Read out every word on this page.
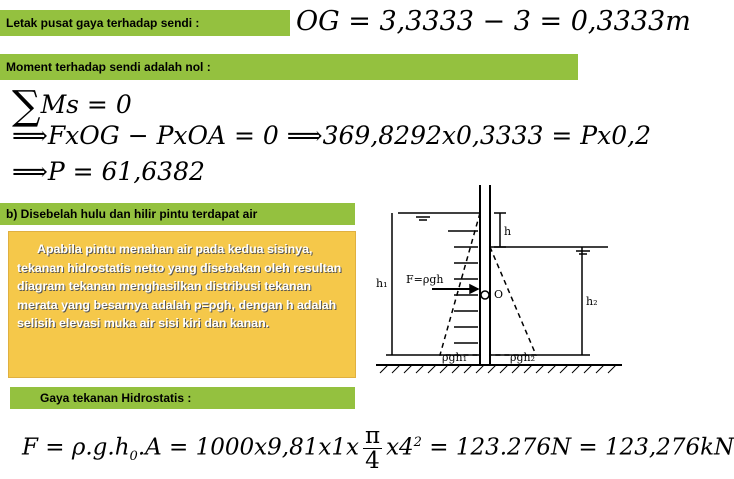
Letak pusat gaya terhadap sendi :	OG = 3,3333 − 3 = 0,3333m
Moment terhadap sendi adalah nol :
∑Ms = 0
⟹FxOG − PxOA = 0 ⟹369,8292x0,3333 = Px0,2
⟹P = 61,6382
b) Disebelah hulu dan hilir pintu terdapat air

Apabila pintu menahan air pada kedua sisinya, tekanan hidrostatis netto yang disebakan oleh resultan diagram tekanan menghasilkan distribusi tekanan merata yang besarnya adalah p=ρgh, dengan h adalah selisih elevasi muka air sisi kiri dan kanan.

h
h₁
h₂
F=ρgh
O
ρgh₁	ρgh₂
Gaya tekanan Hidrostatis :
$F = \rho.g.h_0.A = 1000x9,81x1x \frac{\pi}{4} x4^2 = 123.276N = 123,276kN$
